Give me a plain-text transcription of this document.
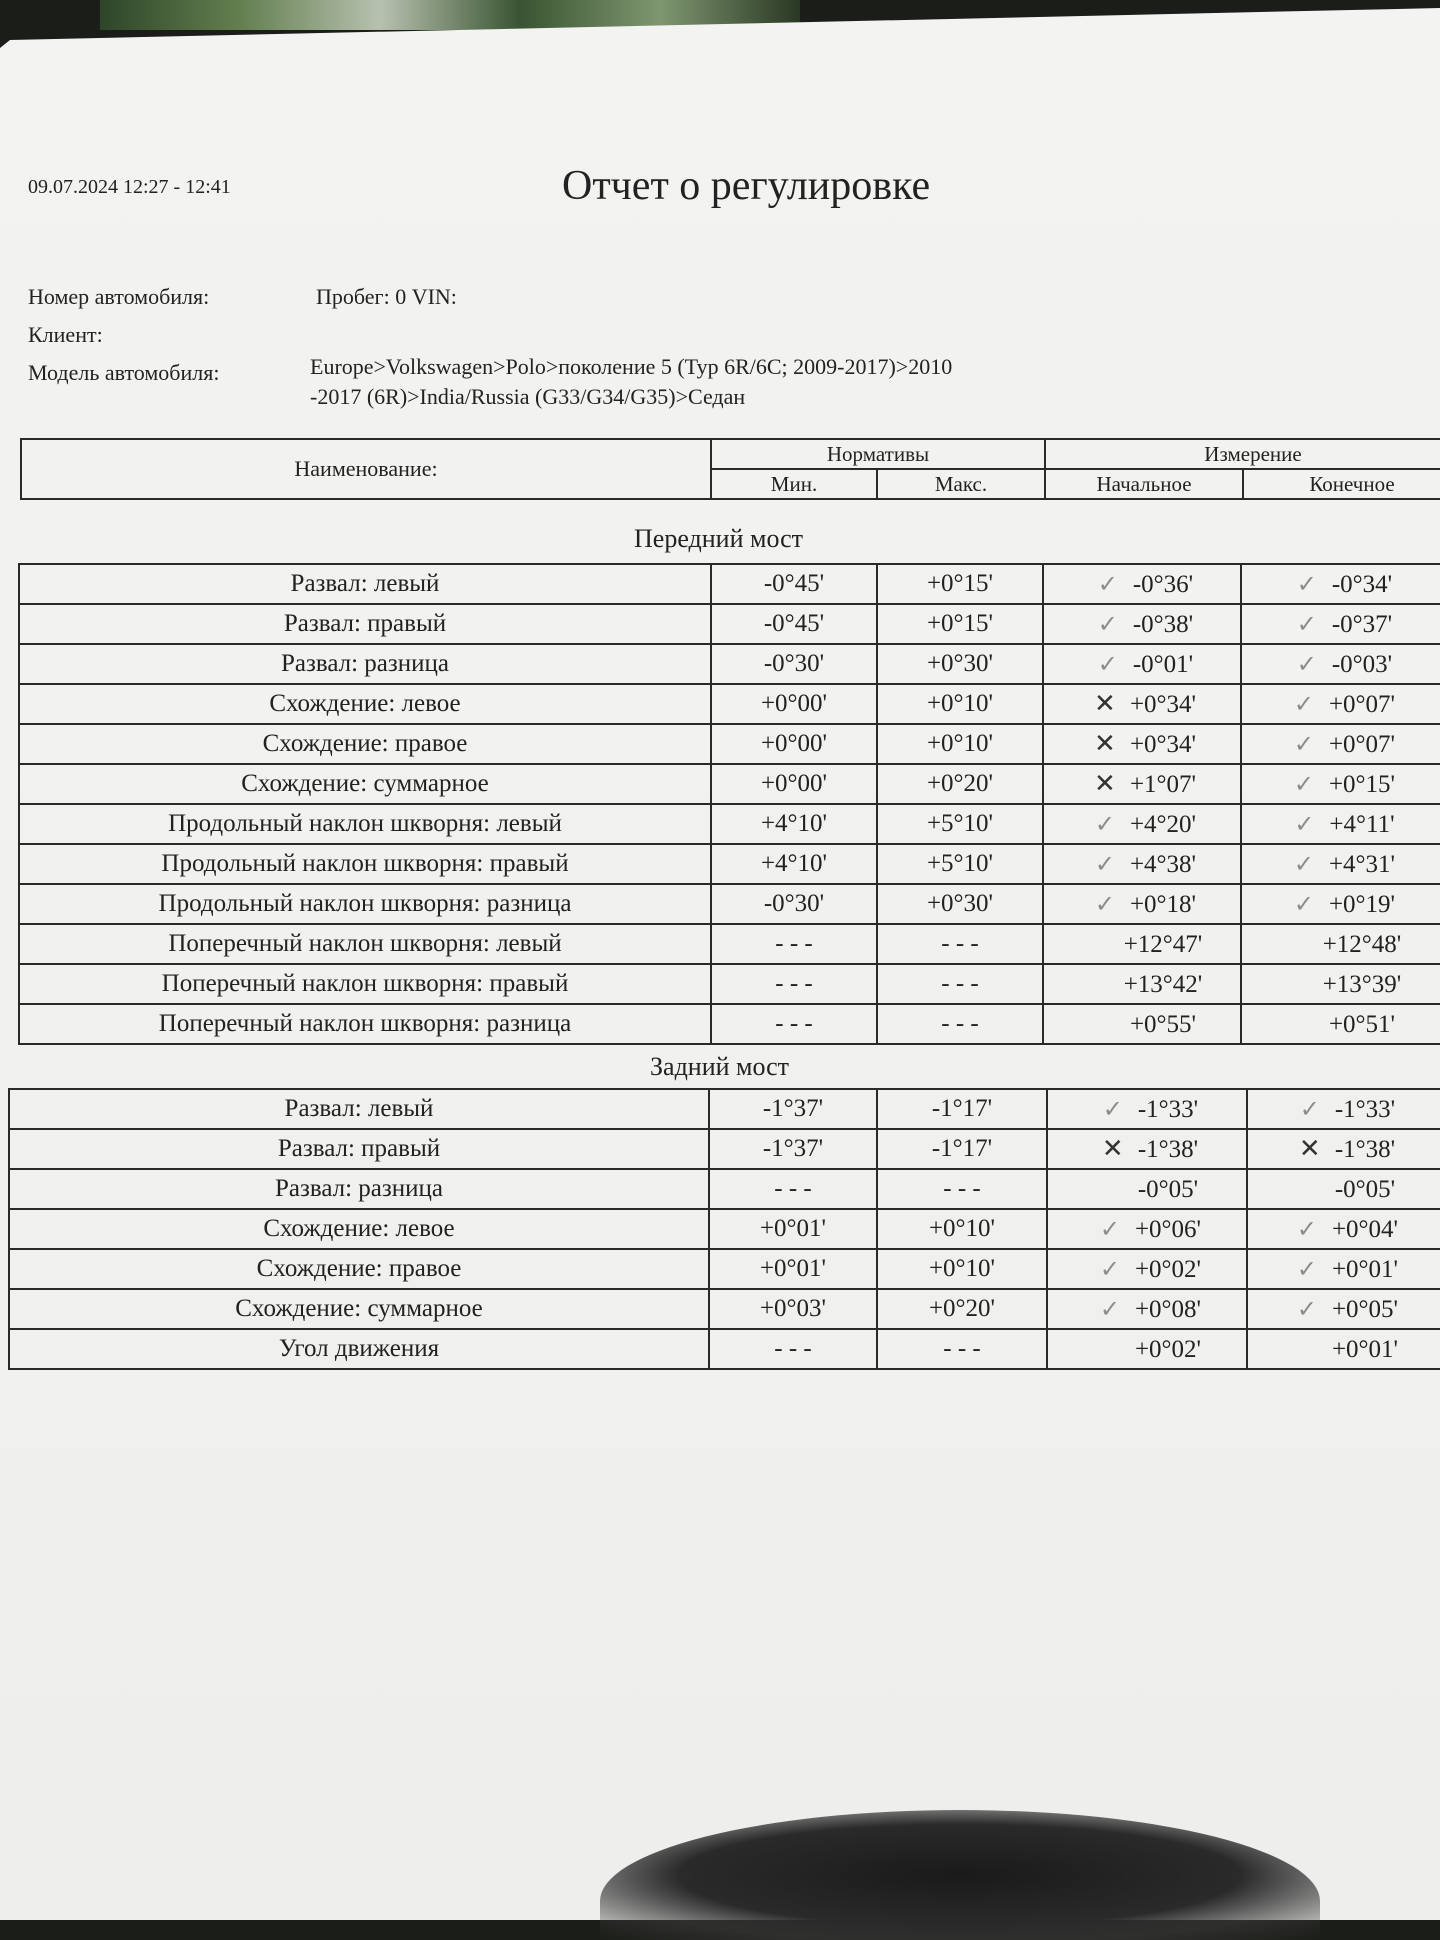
09.07.2024 12:27 - 12:41	Отчет о регулировке
Номер автомобиля:	Пробег: 0 VIN:
Клиент:
Модель автомобиля:	Europe>Volkswagen>Polo>поколение 5 (Typ 6R/6C; 2009-2017)>2010
-2017 (6R)>India/Russia (G33/G34/G35)>Седан
Наименование:	Нормативы		Измерение	
	Мин.	Макс.	Начальное	Конечное
Передний мост
Развал: левый	-0°45'	+0°15'	✓ -0°36'	✓ -0°34'
Развал: правый	-0°45'	+0°15'	✓ -0°38'	✓ -0°37'
Развал: разница	-0°30'	+0°30'	✓ -0°01'	✓ -0°03'
Схождение: левое	+0°00'	+0°10'	✕ +0°34'	✓ +0°07'
Схождение: правое	+0°00'	+0°10'	✕ +0°34'	✓ +0°07'
Схождение: суммарное	+0°00'	+0°20'	✕ +1°07'	✓ +0°15'
Продольный наклон шкворня: левый	+4°10'	+5°10'	✓ +4°20'	✓ +4°11'
Продольный наклон шкворня: правый	+4°10'	+5°10'	✓ +4°38'	✓ +4°31'
Продольный наклон шкворня: разница	-0°30'	+0°30'	✓ +0°18'	✓ +0°19'
Поперечный наклон шкворня: левый	- - -	- - -	+12°47'	+12°48'
Поперечный наклон шкворня: правый	- - -	- - -	+13°42'	+13°39'
Поперечный наклон шкворня: разница	- - -	- - -	+0°55'	+0°51'
Задний мост
Развал: левый	-1°37'	-1°17'	✓ -1°33'	✓ -1°33'
Развал: правый	-1°37'	-1°17'	✕ -1°38'	✕ -1°38'
Развал: разница	- - -	- - -	-0°05'	-0°05'
Схождение: левое	+0°01'	+0°10'	✓ +0°06'	✓ +0°04'
Схождение: правое	+0°01'	+0°10'	✓ +0°02'	✓ +0°01'
Схождение: суммарное	+0°03'	+0°20'	✓ +0°08'	✓ +0°05'
Угол движения	- - -	- - -	+0°02'	+0°01'
